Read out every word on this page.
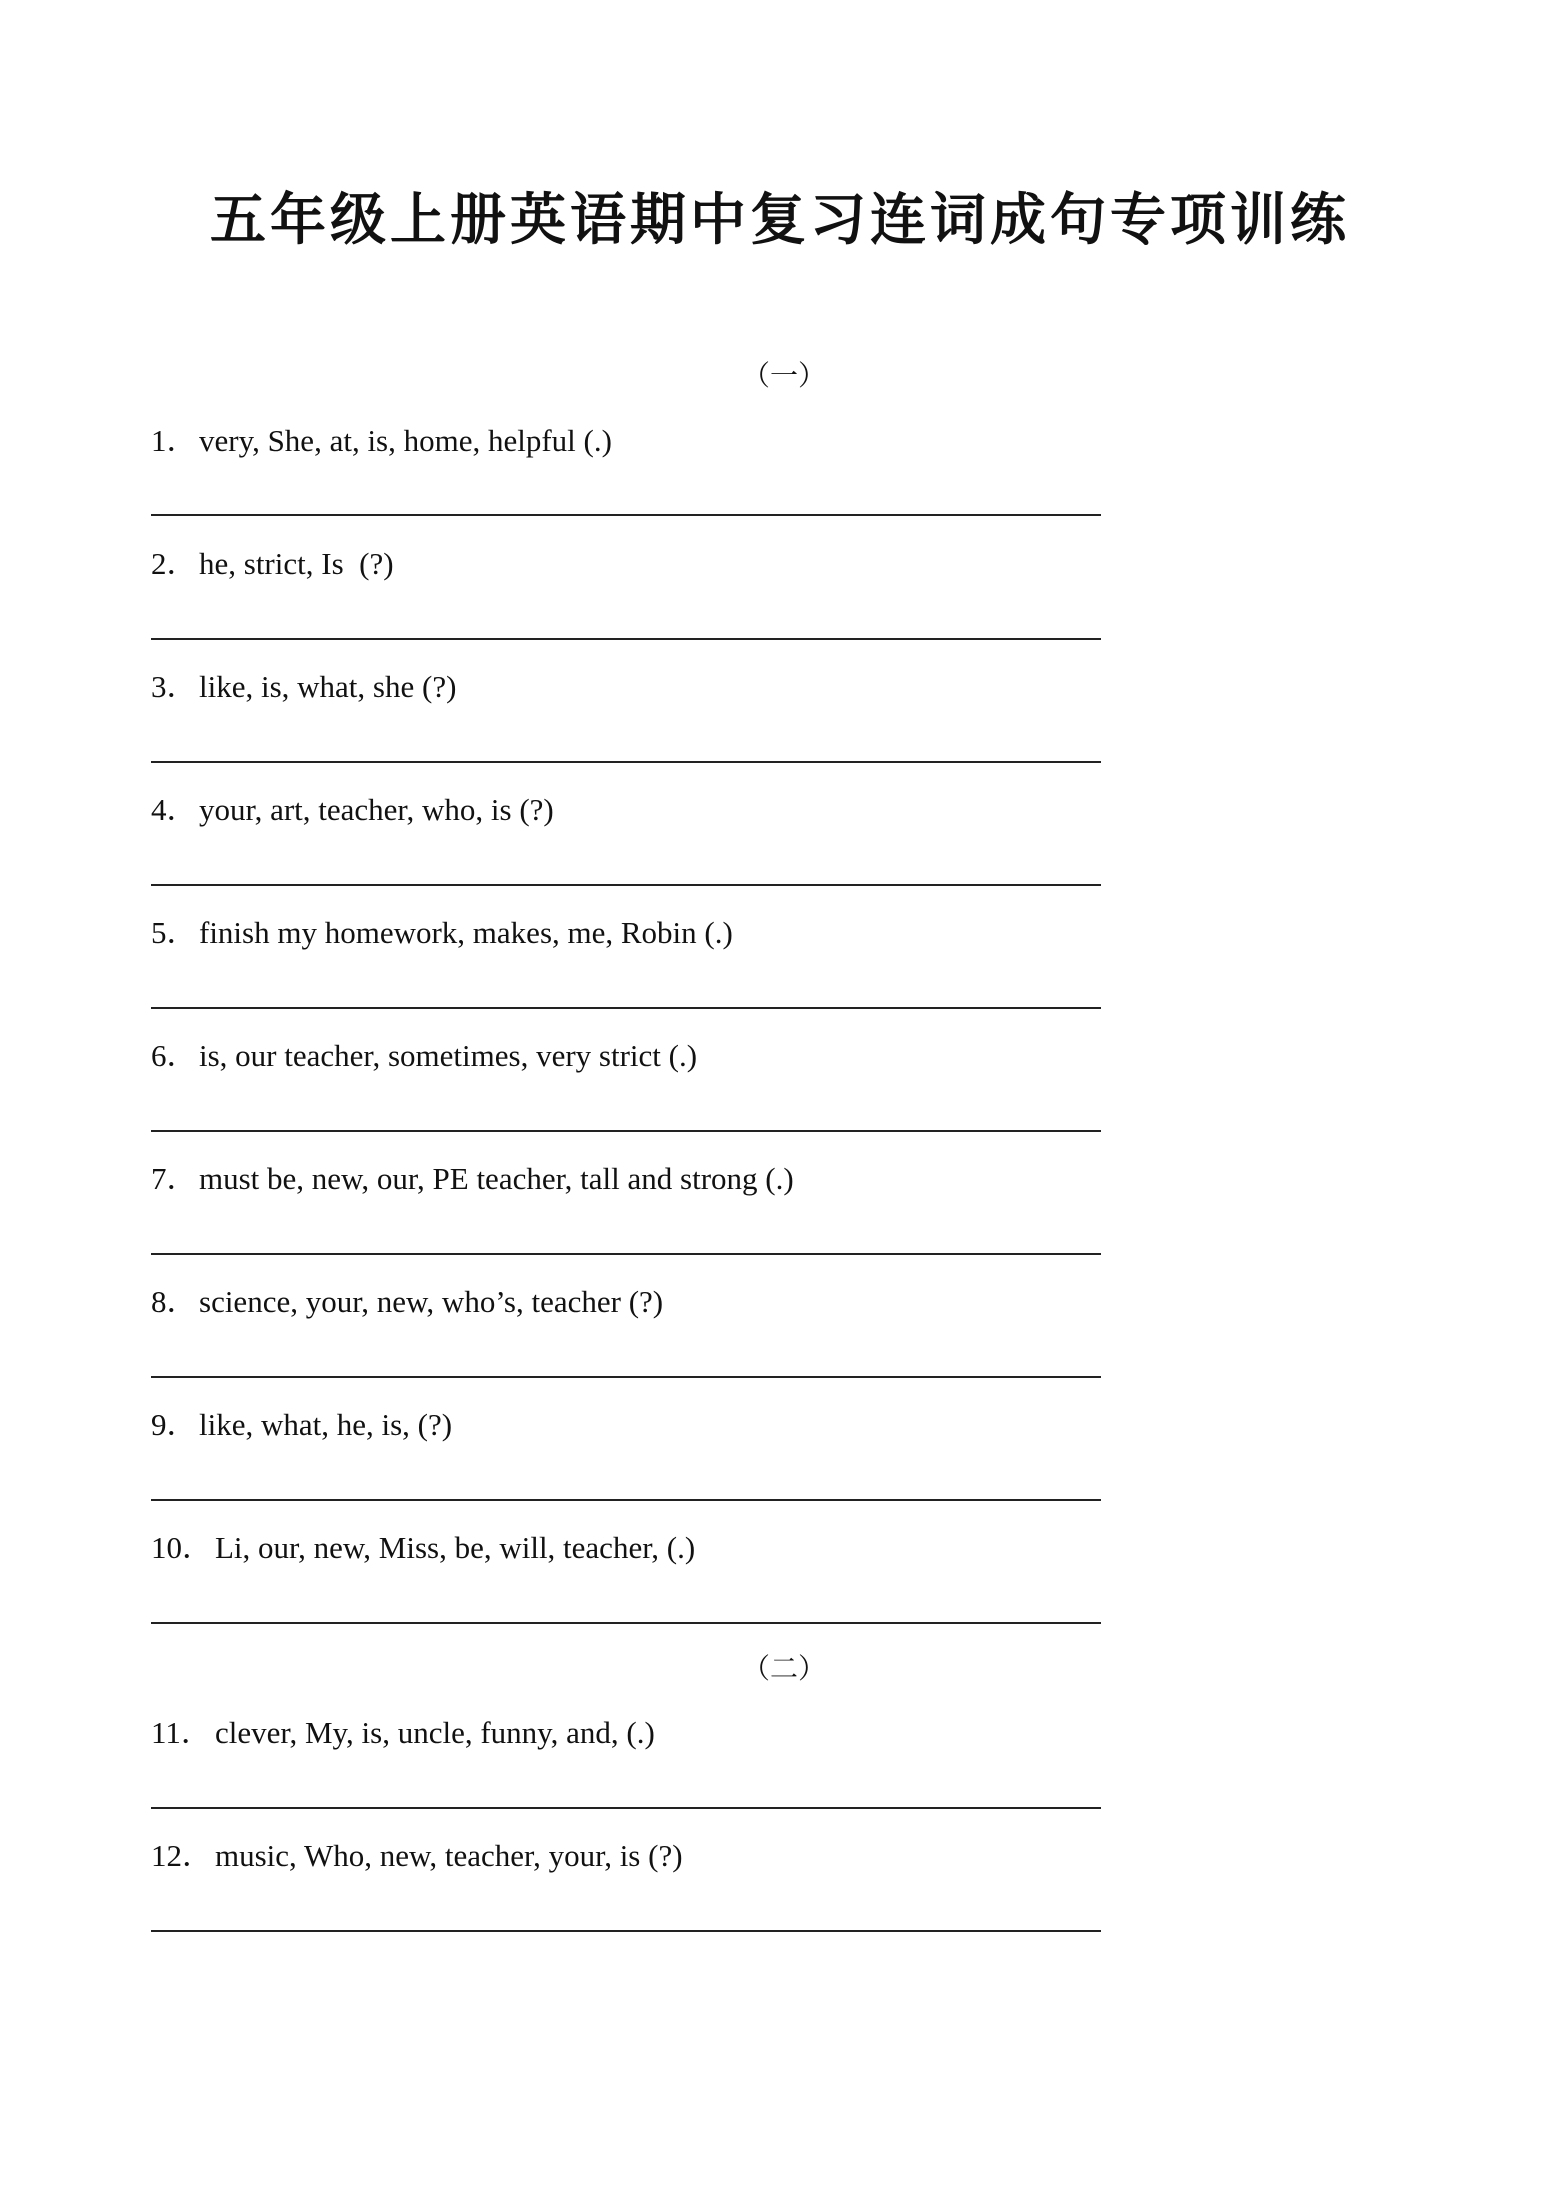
五年级上册英语期中复习连词成句专项训练
（一）
1．very, She, at, is, home, helpful (.)
2．he, strict, Is  (?)
3．like, is, what, she (?)
4．your, art, teacher, who, is (?)
5．finish my homework, makes, me, Robin (.)
6．is, our teacher, sometimes, very strict (.)
7．must be, new, our, PE teacher, tall and strong (.)
8．science, your, new, who’s, teacher (?)
9．like, what, he, is, (?)
10．Li, our, new, Miss, be, will, teacher, (.)
（二）
11． clever, My, is, uncle, funny, and, (.)
12．music, Who, new, teacher, your, is (?)
